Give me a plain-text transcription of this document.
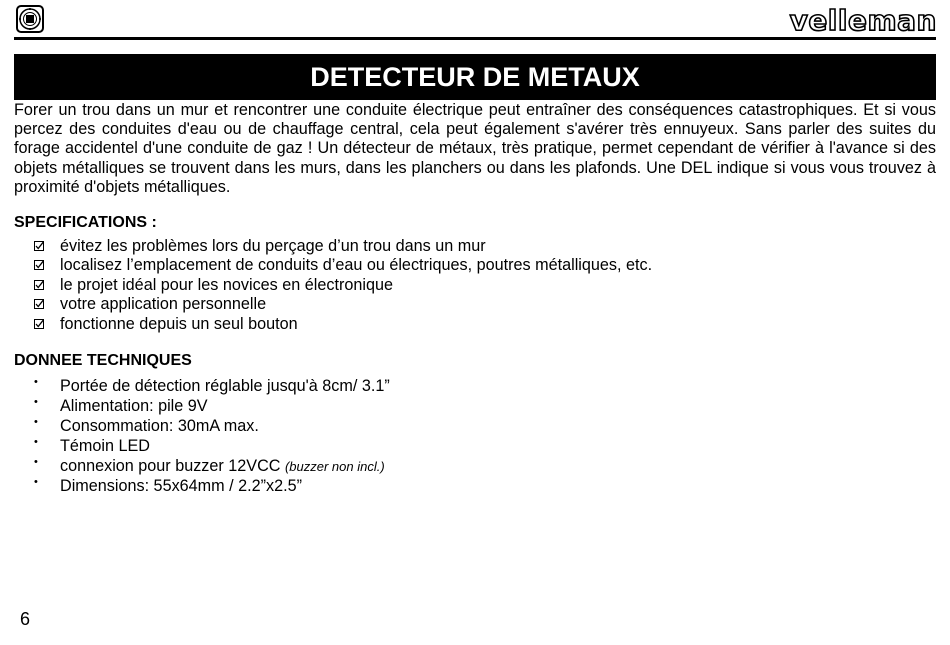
velleman
DETECTEUR DE METAUX

Forer un trou dans un mur et rencontrer une conduite électrique peut entraîner des conséquences catastrophiques. Et si vous percez des conduites d'eau ou de chauffage central, cela peut également s'avérer très ennuyeux. Sans parler des suites du forage accidentel d'une conduite de gaz ! Un détecteur de métaux, très pratique, permet cependant de vérifier à l'avance si des objets métalliques se trouvent dans les murs, dans les planchers ou dans les plafonds. Une DEL indique si vous vous trouvez à proximité d'objets métalliques.

SPECIFICATIONS :

évitez les problèmes lors du perçage d’un trou dans un mur
localisez l’emplacement de conduits d’eau ou électriques, poutres métalliques, etc.
le projet idéal pour les novices en électronique
votre application personnelle
fonctionne depuis un seul bouton

DONNEE TECHNIQUES

• Portée de détection réglable jusqu'à 8cm/ 3.1”
• Alimentation: pile 9V
• Consommation: 30mA max.
• Témoin LED
• connexion pour buzzer 12VCC (buzzer non incl.)
• Dimensions: 55x64mm / 2.2”x2.5”
6
